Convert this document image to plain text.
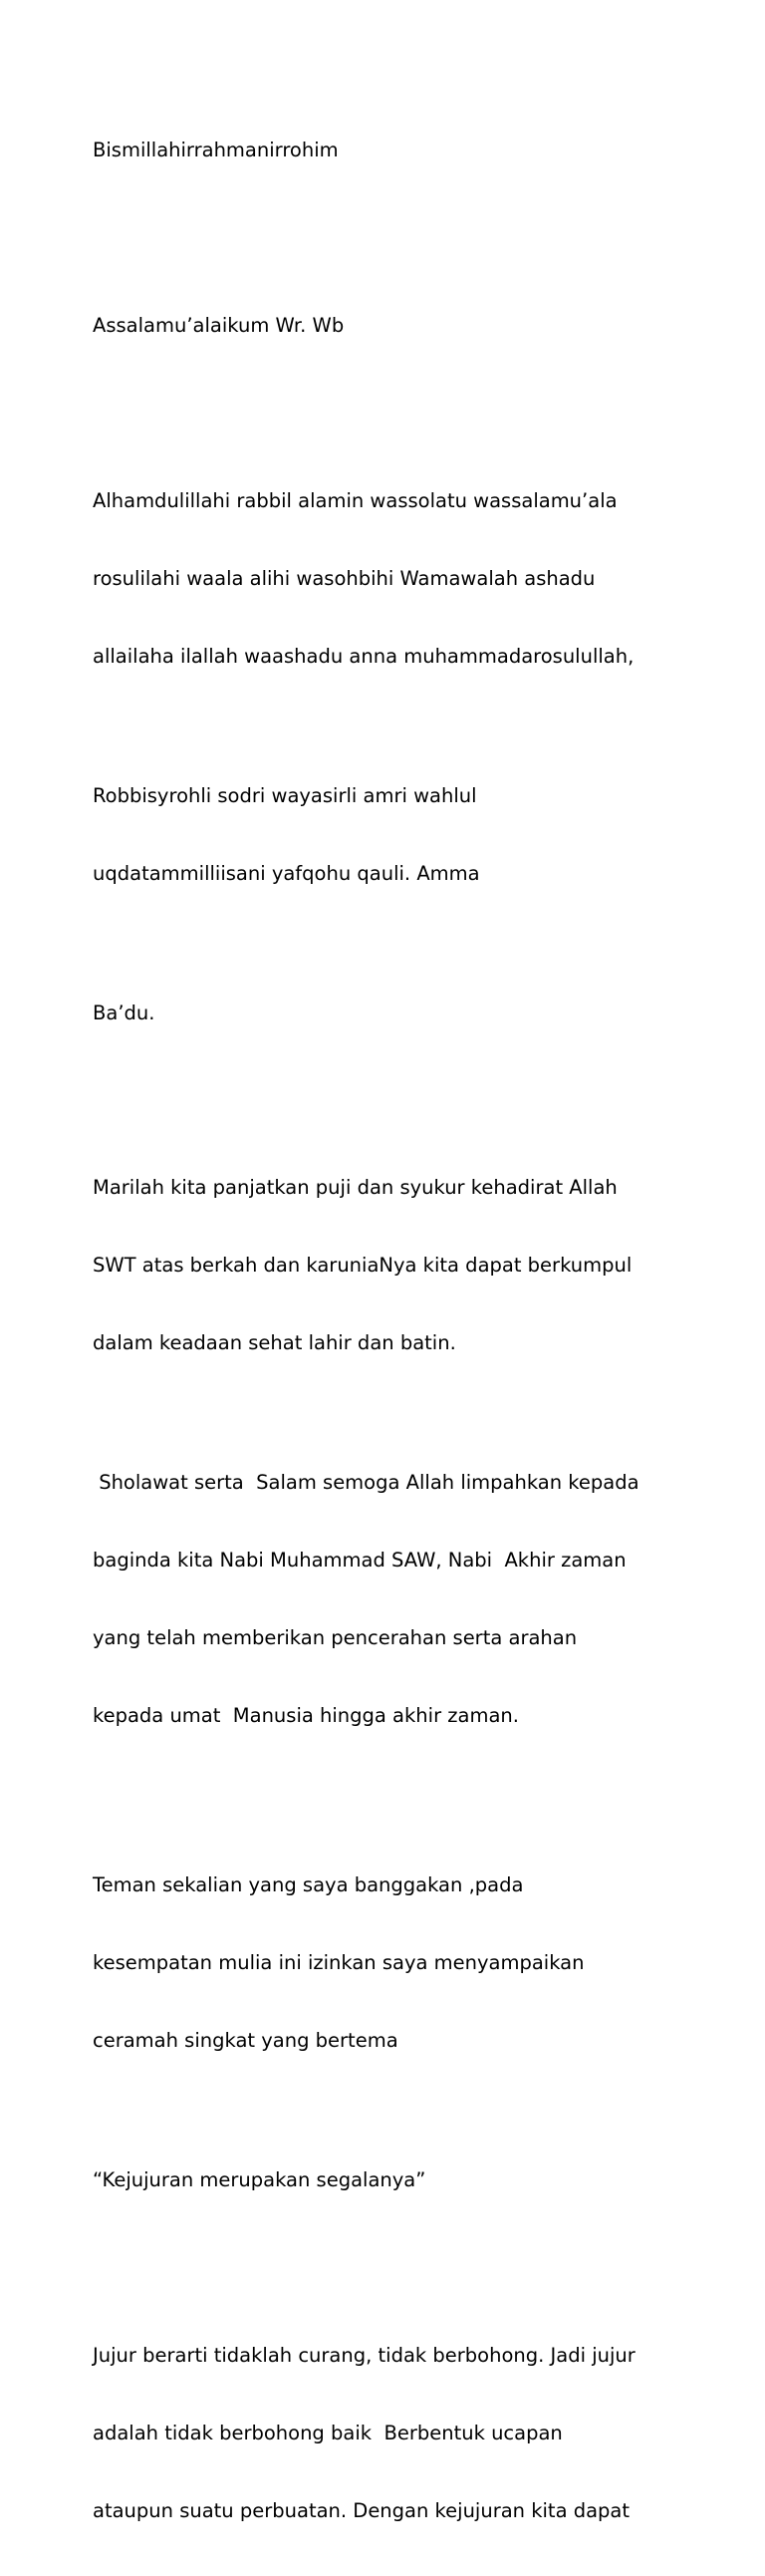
Bismillahirrahmanirrohim

Assalamu’alaikum Wr. Wb

Alhamdulillahi rabbil alamin wassolatu wassalamu’ala

rosulilahi waala alihi wasohbihi Wamawalah ashadu

allailaha ilallah waashadu anna muhammadarosulullah,

Robbisyrohli sodri wayasirli amri wahlul

uqdatammilliisani yafqohu qauli. Amma

Ba’du.

Marilah kita panjatkan puji dan syukur kehadirat Allah

SWT atas berkah dan karuniaNya kita dapat berkumpul

dalam keadaan sehat lahir dan batin.

Sholawat serta  Salam semoga Allah limpahkan kepada

baginda kita Nabi Muhammad SAW, Nabi  Akhir zaman

yang telah memberikan pencerahan serta arahan

kepada umat  Manusia hingga akhir zaman.

Teman sekalian yang saya banggakan ,pada

kesempatan mulia ini izinkan saya menyampaikan

ceramah singkat yang bertema

“Kejujuran merupakan segalanya”

Jujur berarti tidaklah curang, tidak berbohong. Jadi jujur

adalah tidak berbohong baik  Berbentuk ucapan

ataupun suatu perbuatan. Dengan kejujuran kita dapat
